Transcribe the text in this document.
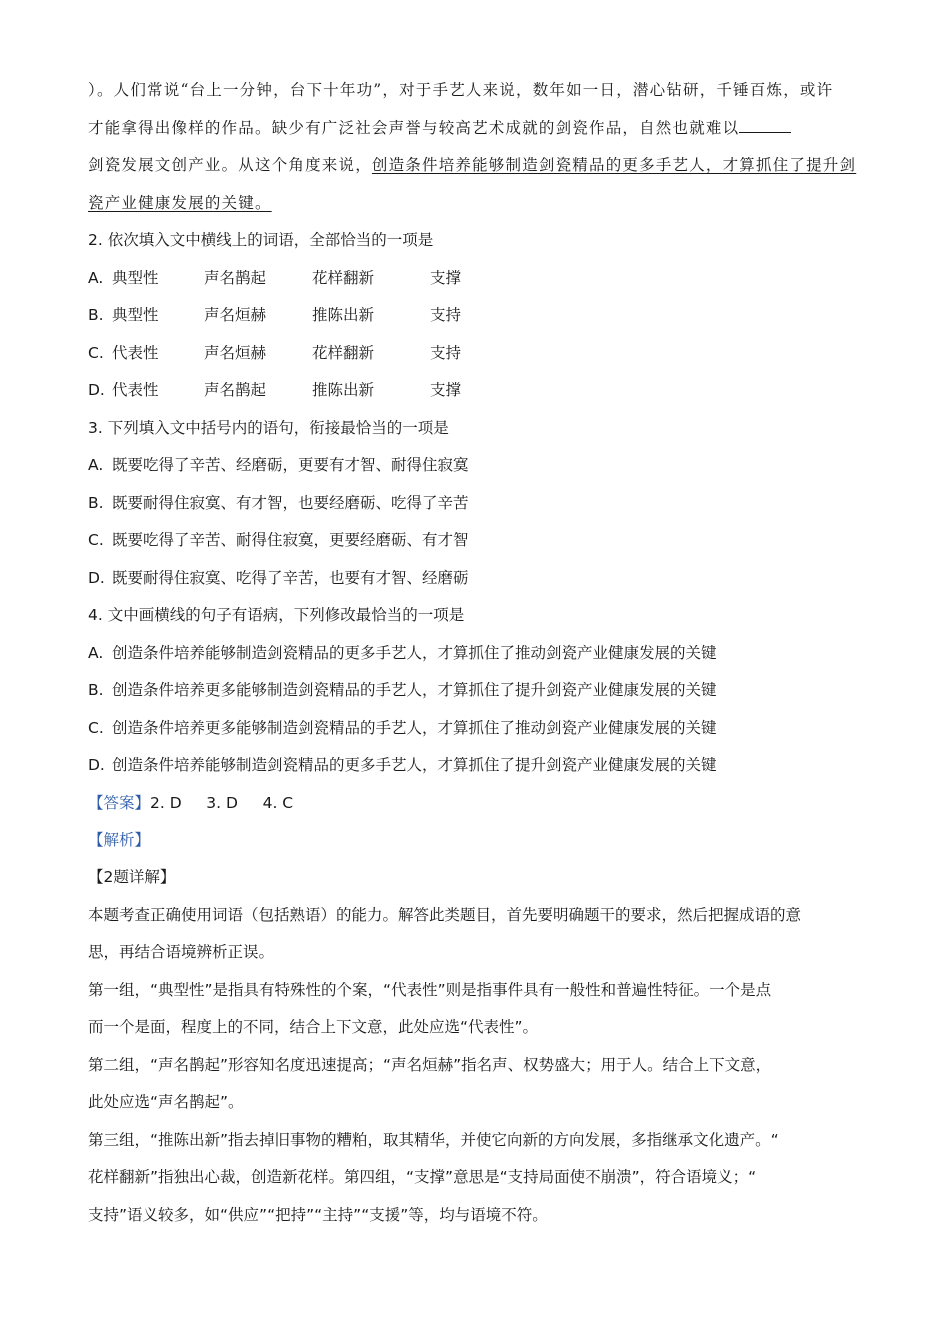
）。人们常说“台上一分钟，台下十年功”，对于手艺人来说，数年如一日，潜心钻研，千锤百炼，或许

才能拿得出像样的作品。缺少有广泛社会声誉与较高艺术成就的剑瓷作品，自然也就难以

剑瓷发展文创产业。从这个角度来说，创造条件培养能够制造剑瓷精品的更多手艺人，才算抓住了提升剑

瓷产业健康发展的关键。

2. 依次填入文中横线上的词语，全部恰当的一项是

A. 典型性	声名鹊起	花样翻新	支撑

B. 典型性	声名烜赫	推陈出新	支持

C. 代表性	声名烜赫	花样翻新	支持

D. 代表性	声名鹊起	推陈出新	支撑

3. 下列填入文中括号内的语句，衔接最恰当的一项是

A. 既要吃得了辛苦、经磨砺，更要有才智、耐得住寂寞

B. 既要耐得住寂寞、有才智，也要经磨砺、吃得了辛苦

C. 既要吃得了辛苦、耐得住寂寞，更要经磨砺、有才智

D. 既要耐得住寂寞、吃得了辛苦，也要有才智、经磨砺

4. 文中画横线的句子有语病，下列修改最恰当的一项是

A. 创造条件培养能够制造剑瓷精品的更多手艺人，才算抓住了推动剑瓷产业健康发展的关键

B. 创造条件培养更多能够制造剑瓷精品的手艺人，才算抓住了提升剑瓷产业健康发展的关键

C. 创造条件培养更多能够制造剑瓷精品的手艺人，才算抓住了推动剑瓷产业健康发展的关键

D. 创造条件培养能够制造剑瓷精品的更多手艺人，才算抓住了提升剑瓷产业健康发展的关键

【答案】2. D     3. D     4. C

【解析】

【2题详解】

本题考查正确使用词语（包括熟语）的能力。解答此类题目，首先要明确题干的要求，然后把握成语的意

思，再结合语境辨析正误。

第一组，“典型性”是指具有特殊性的个案，“代表性”则是指事件具有一般性和普遍性特征。一个是点

而一个是面，程度上的不同，结合上下文意，此处应选“代表性”。

第二组，“声名鹊起”形容知名度迅速提高；“声名烜赫”指名声、权势盛大；用于人。结合上下文意，

此处应选“声名鹊起”。

第三组，“推陈出新”指去掉旧事物的糟粕，取其精华，并使它向新的方向发展，多指继承文化遗产。“

花样翻新”指独出心裁，创造新花样。第四组，“支撑”意思是“支持局面使不崩溃”，符合语境义；“

支持”语义较多，如“供应”“把持”“主持”“支援”等，均与语境不符。
